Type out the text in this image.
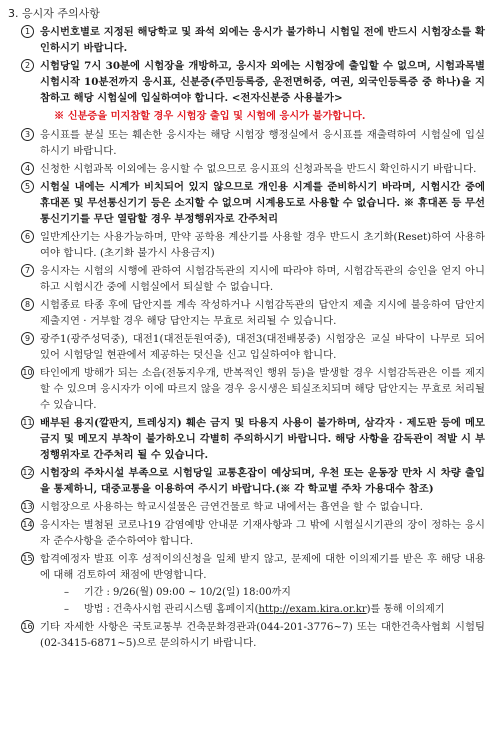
3. 응시자 주의사항
1 응시번호별로 지정된 해당학교 및 좌석 외에는 응시가 불가하니 시험일 전에 반드시 시험장소를 확인하시기 바랍니다.
2 시험당일 7시 30분에 시험장을 개방하고, 응시자 외에는 시험장에 출입할 수 없으며, 시험과목별 시험시작 10분전까지 응시표, 신분증(주민등록증, 운전면허증, 여권, 외국인등록증 중 하나)을 지참하고 해당 시험실에 입실하여야 합니다. <전자신분증 사용불가>
※ 신분증을 미지참할 경우 시험장 출입 및 시험에 응시가 불가합니다.
3 응시표를 분실 또는 훼손한 응시자는 해당 시험장 행정실에서 응시표를 재출력하여 시험실에 입실하시기 바랍니다.
4 신청한 시험과목 이외에는 응시할 수 없으므로 응시표의 신청과목을 반드시 확인하시기 바랍니다.
5 시험실 내에는 시계가 비치되어 있지 않으므로 개인용 시계를 준비하시기 바라며, 시험시간 중에 휴대폰 및 무선통신기기 등은 소지할 수 없으며 시계용도로 사용할 수 없습니다. ※ 휴대폰 등 무선통신기기를 무단 열람할 경우 부정행위자로 간주처리
6 일반계산기는 사용가능하며, 만약 공학용 계산기를 사용할 경우 반드시 초기화(Reset)하여 사용하여야 합니다. (초기화 불가시 사용금지)
7 응시자는 시험의 시행에 관하여 시험감독관의 지시에 따라야 하며, 시험감독관의 승인을 얻지 아니하고 시험시간 중에 시험실에서 퇴실할 수 없습니다.
8 시험종료 타종 후에 답안지를 계속 작성하거나 시험감독관의 답안지 제출 지시에 불응하여 답안지 제출지연 · 거부할 경우 해당 답안지는 무효로 처리될 수 있습니다.
9 광주1(광주성덕중), 대전1(대전둔원여중), 대전3(대전배봉중) 시험장은 교실 바닥이 나무로 되어 있어 시험당일 현관에서 제공하는 덧신을 신고 입실하여야 합니다.
10 타인에게 방해가 되는 소음(전동지우개, 반복적인 행위 등)을 발생할 경우 시험감독관은 이를 제지할 수 있으며 응시자가 이에 따르지 않을 경우 응시생은 퇴실조치되며 해당 답안지는 무효로 처리될 수 있습니다.
11 배부된 용지(깔판지, 트레싱지) 훼손 금지 및 타용지 사용이 불가하며, 삼각자 · 제도판 등에 메모 금지 및 메모지 부착이 불가하오니 각별히 주의하시기 바랍니다. 해당 사항을 감독관이 적발 시 부정행위자로 간주처리 될 수 있습니다.
12 시험장의 주차시설 부족으로 시험당일 교통혼잡이 예상되며, 우천 또는 운동장 만차 시 차량 출입을 통제하니, 대중교통을 이용하여 주시기 바랍니다.(※ 각 학교별 주차 가용대수 참조)
13 시험장으로 사용하는 학교시설물은 금연건물로 학교 내에서는 흡연을 할 수 없습니다.
14 응시자는 별첨된 코로나19 감염예방 안내문 기재사항과 그 밖에 시험실시기관의 장이 정하는 응시자 준수사항을 준수하여야 합니다.
15 합격예정자 발표 이후 성적이의신청을 일체 받지 않고, 문제에 대한 이의제기를 받은 후 해당 내용에 대해 검토하여 채점에 반영합니다.
–	기간 : 9/26(월) 09:00 ~ 10/2(일) 18:00까지
–	방법 : 건축사시험 관리시스템 홈페이지(http://exam.kira.or.kr)를 통해 이의제기
16 기타 자세한 사항은 국토교통부 건축문화경관과(044-201-3776~7) 또는 대한건축사협회 시험팀(02-3415-6871~5)으로 문의하시기 바랍니다.
